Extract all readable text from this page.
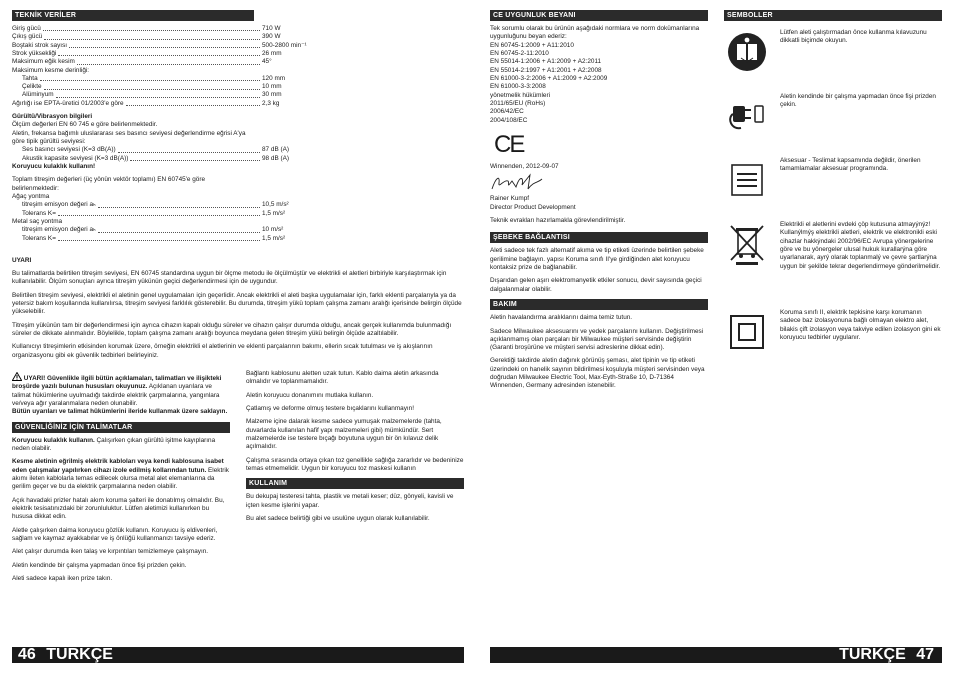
TEKNİK VERİLER
Giriş gücü	710 W
Çıkış gücü	390 W
Boştaki strok sayısı	500-2800 min⁻¹
Strok yüksekliği	26 mm
Maksimum eğik kesim	45°
Maksimum kesme derinliği:
Tahta	120 mm
Çelikte	10 mm
Alüminyum	30 mm
Ağırlığı ise EPTA-üretici 01/2003'e göre	2,3 kg
Gürültü/Vibrasyon bilgileri
Ölçüm değerleri EN 60 745 e göre belirlenmektedir.
Aletin, frekansa bağımlı uluslararası ses basıncı seviyesi değerlendirme eğrisi A'ya göre tipik gürültü seviyesi:
Ses basıncı seviyesi (K=3 dB(A))	87 dB (A)
Akustik kapasite seviyesi (K=3 dB(A))	98 dB (A)
Koruyucu kulaklık kullanın!
Toplam titreşim değerleri (üç yönün vektör toplamı) EN 60745'e göre belirlenmektedir:
Ağaç yontma
titreşim emisyon değeri aₕ	10,5 m/s²
Tolerans K=	1,5 m/s²
Metal saç yontma
titreşim emisyon değeri aₕ	10 m/s²
Tolerans K=	1,5 m/s²
UYARI

Bu talimatlarda belirtilen titreşim seviyesi, EN 60745 standardına uygun bir ölçme metodu ile ölçülmüştür ve elektrikli el aletleri birbiriyle karşılaştırmak için kullanılabilir. Ölçüm sonuçları ayrıca titreşim yükünün geçici değerlendirmesi için de uygundur.

Belirtilen titreşim seviyesi, elektrikli el aletinin genel uygulamaları için geçerlidir. Ancak elektrikli el aleti başka uygulamalar için, farklı eklenti parçalarıyla ya da yetersiz bakım koşullarında kullanılırsa, titreşim seviyesi farklılık gösterebilir. Bu durumda, titreşim yükü toplam çalışma zamanı aralığı içerisinde belirgin ölçüde yükselebilir.

Titreşim yükünün tam bir değerlendirmesi için ayrıca cihazın kapalı olduğu süreler ve cihazın çalışır durumda olduğu, ancak gerçek kullanımda bulunmadığı süreler de dikkate alınmalıdır. Böylelikle, toplam çalışma zamanı aralığı boyunca meydana gelen titreşim yükü belirgin ölçüde azaltılabilir.

Kullanıcıyı titreşimlerin etkisinden korumak üzere, örneğin elektrikli el aletlerinin ve eklenti parçalarının bakımı, ellerin sıcak tutulması ve iş akışlarının organizasyonu gibi ek güvenlik tedbirleri belirleyiniz.

UYARI! Güvenlikle ilgili bütün açıklamaları, talimatları ve ilişikteki broşürde yazılı bulunan hususları okuyunuz. Açıklanan uyarılara ve talimat hükümlerine uyulmadığı takdirde elektrik çarpmalarına, yangınlara ve/veya ağır yaralanmalara neden olunabilir.
Bütün uyarıları ve talimat hükümlerini ileride kullanmak üzere saklayın.

GÜVENLİĞİNİZ İÇİN TALİMATLAR

Koruyucu kulaklık kullanın. Çalışırken çıkan gürültü işitme kayıplarına neden olabilir.

Kesme aletinin eğrilmiş elektrik kabloları veya kendi kablosuna isabet eden çalışmalar yapılırken cihazı izole edilmiş kollarından tutun. Elektrik akımı ileten kablolarla temas edilecek olursa metal alet elemanlarına da gerilim geçer ve bu da elektrik çarpmalarına neden olabilir.

Açık havadaki prizler hatalı akım koruma şalteri ile donatılmış olmalıdır. Bu, elektrik tesisatınızdaki bir zorunluluktur. Lütfen aletimizi kullanırken bu hususa dikkat edin.

Aletle çalışırken daima koruyucu gözlük kullanın. Koruyucu iş eldivenleri, sağlam ve kaymaz ayakkabılar ve iş önlüğü kullanmanızı tavsiye ederiz.

Alet çalışır durumda iken talaş ve kırpıntıları temizlemeye çalışmayın.

Aletin kendinde bir çalışma yapmadan önce fişi prizden çekin.

Aleti sadece kapalı iken prize takın.

Bağlantı kablosunu aletten uzak tutun. Kablo daima aletin arkasında olmalıdır ve toplanmamalıdır.

Aletin koruyucu donanımını mutlaka kullanın.

Çatlamış ve deforme olmuş testere bıçaklarını kullanmayın!

Malzeme içine dalarak kesme sadece yumuşak malzemelerde (tahta, duvarlarda kullanılan hafif yapı malzemeleri gibi) mümkündür. Sert malzemelerde ise testere bıçağı boyutuna uygun bir ön kılavuz delik açılmalıdır.

Çalışma sırasında ortaya çıkan toz genellikle sağlığa zararlıdır ve bedeninize temas etmemelidir. Uygun bir koruyucu toz maskesi kullanın

KULLANIM

Bu dekupaj testeresi tahta, plastik ve metali keser; düz, gönyeli, kavisli ve içten kesme işlerini yapar.

Bu alet sadece belirtiği gibi ve usulüne uygun olarak kullanılabilir.

46 TÜRKÇE
CE UYGUNLUK BEYANI
Tek sorumlu olarak bu ürünün aşağıdaki normlara ve norm dokümanlarına uygunluğunu beyan ederiz:
EN 60745-1:2009 + A11:2010
EN 60745-2-11:2010
EN 55014-1:2006 + A1:2009 + A2:2011
EN 55014-2:1997 + A1:2001 + A2:2008
EN 61000-3-2:2006 + A1:2009 + A2:2009
EN 61000-3-3:2008
yönetmelik hükümleri
2011/65/EU (RoHs)
2006/42/EC
2004/108/EC
CE
Winnenden, 2012-09-07
Rainer Kumpf
Director Product Development
Teknik evrakları hazırlamakla görevlendirilmiştir.
ŞEBEKE BAĞLANTISI

Aleti sadece tek fazlı alternatif akıma ve tip etiketi üzerinde belirtilen şebeke gerilimine bağlayın. yapısı Koruma sınıfı II'ye girdiğinden alet koruyucu kontaksiz prize de bağlanabilir.

Dışarıdan gelen aşırı elektromanyetik etkiler sonucu, devir sayısında geçici dalgalanmalar olabilir.

BAKIM

Aletin havalandırma aralıklarını daima temiz tutun.

Sadece Milwaukee aksesuarını ve yedek parçalarını kullanın. Değiştirilmesi açıklanmamış olan parçaları bir Milwaukee müşteri servisinde değiştirin (Garanti broşürüne ve müşteri servisi adreslerine dikkat edin).

Gerektiği takdirde aletin dağınık görünüş şeması, alet tipinin ve tip etiketi üzerindeki on hanelik sayının bildirilmesi koşuluyla müşteri servisinden veya doğrudan Milwaukee Electric Tool, Max-Eyth-Straße 10, D-71364 Winnenden, Germany adresinden istenebilir.

SEMBOLLER
Lütfen aleti çalıştırmadan önce kullanma kılavuzunu dikkatli biçimde okuyun.
Aletin kendinde bir çalışma yapmadan önce fişi prizden çekin.
Aksesuar - Teslimat kapsamında değildir, önerilen tamamlamalar aksesuar programında.
Elektrikli el aletlerini evdeki çöp kutusuna atmayýnýz! Kullanýlmýş elektrikli aletleri, elektrik ve elektronikli eski cihazlar hakkýndaki 2002/96/EC Avrupa yönergelerine göre ve bu yönergeler ulusal hukuk kurallarýna göre uyarlanarak, ayrý olarak toplanmalý ve çevre şartlarýna uygun bir şekilde tekrar degerlendirmeye gönderilmelidir.
Koruma sınıfı II, elektrik tepkisine karşı korumanın sadece baz izolasyonuna bağlı olmayan elektro alet, bilakis çift izolasyon veya takviye edilen izolasyon gini ek koruyucu tedbirler uygulanır.
TÜRKÇE 47
